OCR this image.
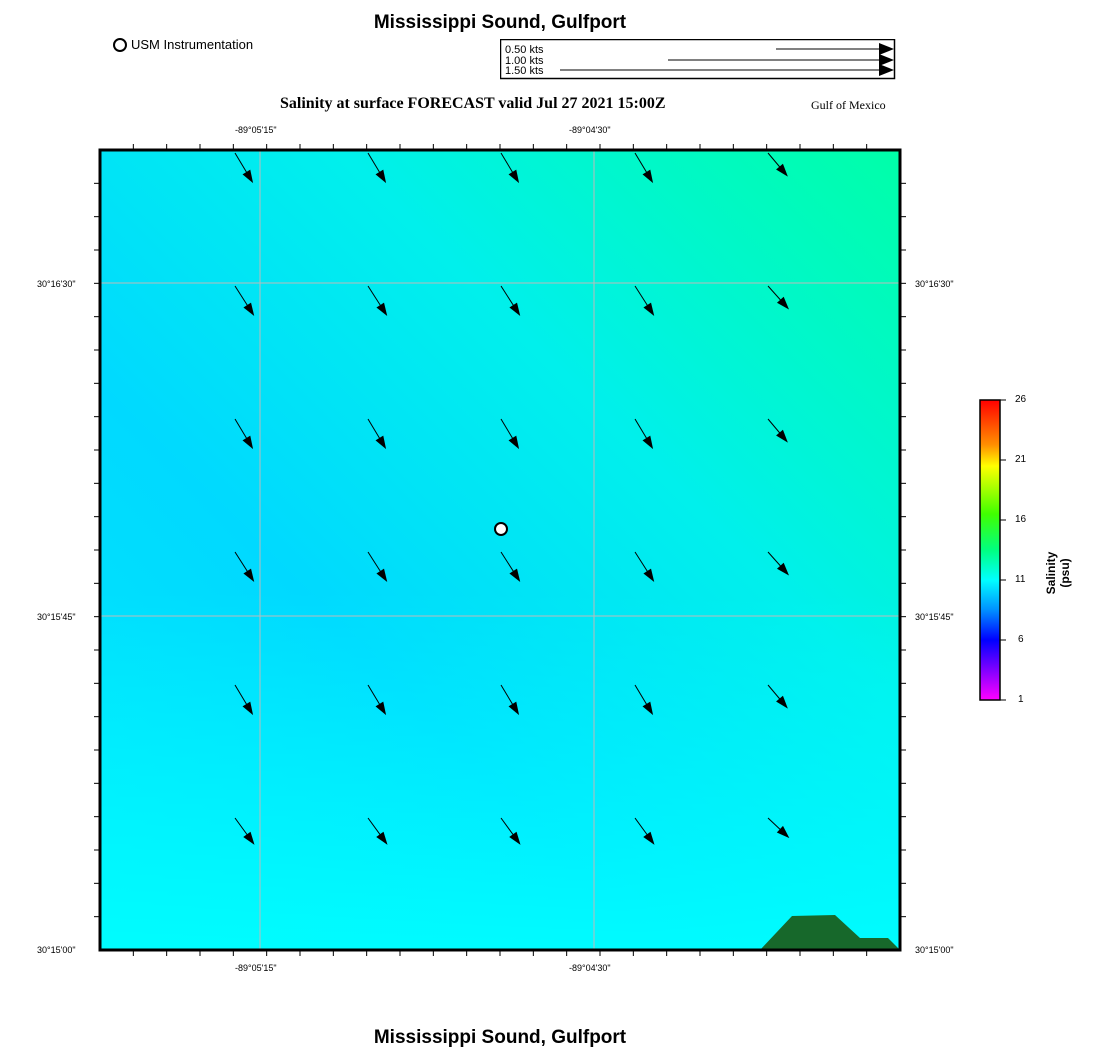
Mississippi Sound, Gulfport
Mississippi Sound, Gulfport
USM Instrumentation	0.50 kts
1.00 kts
1.50 kts
Salinity at surface FORECAST valid Jul 27 2021 15:00Z	Gulf of Mexico
-89°05'15"	-89°04'30"
-89°05'15"	-89°04'30"
30°16'30"
30°15'45"
30°15'00"
30°16'30"
30°15'45"
30°15'00"
26
21
16
11
6
1
Salinity (psu)
